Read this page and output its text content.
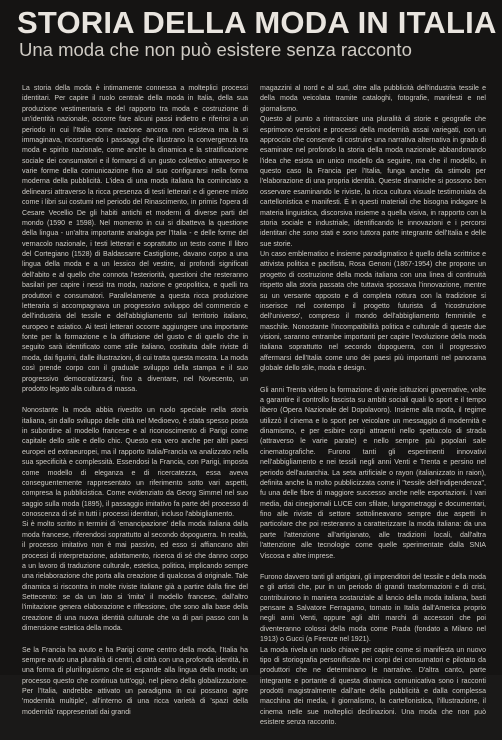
STORIA DELLA MODA IN ITALIA
Una moda che non può esistere senza racconto

La storia della moda è intimamente connessa a molteplici processi identitari. Per capire il ruolo centrale della moda in Italia, della sua produzione vestimentaria e del rapporto tra moda e costruzione di un'identità nazionale, occorre fare alcuni passi indietro e riferirsi a un periodo in cui l'Italia come nazione ancora non esisteva ma la si immaginava, ricostruendo i passaggi che illustrano la convergenza tra moda e spirito nazionale, come anche la dinamica e la stratificazione sociale dei consumatori e il formarsi di un gusto collettivo attraverso le varie forme della comunicazione fino al suo configurarsi nella forma moderna della pubblicità. L'idea di una moda italiana ha cominciato a delinearsi attraverso la ricca presenza di testi letterari e di genere misto come i libri sui costumi nel periodo del Rinascimento, in primis l'opera di Cesare Vecellio De gli habiti antichi et moderni di diverse parti del mondo (1590 e 1598). Nel momento in cui si dibatteva la questione della lingua - un'altra importante analogia per l'Italia - e delle forme del vernacolo nazionale, i testi letterari e soprattutto un testo come Il libro del Cortegiano (1528) di Baldassarre Castiglione, davano corpo a una lingua della moda e a un lessico del vestire, ai profondi significati dell'abito e al quello che connota l'esteriorità, questioni che resteranno basilari per capire i nessi tra moda, nazione e geopolitica, e quelli tra produttori e consumatori. Parallelamente a questa ricca produzione letteraria si accompagnava un progressivo sviluppo del commercio e dell'industria del tessile e dell'abbigliamento sul territorio italiano, europeo e asiatico. Ai testi letterari occorre aggiungere una importante fonte per la formazione e la diffusione del gusto e di quello che in seguito sarà identificato come stile italiano, costituita dalle riviste di moda, dai figurini, dalle illustrazioni, di cui tratta questa mostra. La moda così prende corpo con il graduale sviluppo della stampa e il suo progressivo democratizzarsi, fino a diventare, nel Novecento, un prodotto legato alla cultura di massa.

Nonostante la moda abbia rivestito un ruolo speciale nella storia italiana, sin dallo sviluppo delle città nel Medioevo, è stata spesso posta in subordine al modello francese e al riconoscimento di Parigi come capitale dello stile e dello chic. Questo era vero anche per altri paesi europei ed extraeuropei, ma il rapporto Italia/Francia va analizzato nella sua specificità e complessità. Essendosi la Francia, con Parigi, imposta come modello di eleganza e di ricercatezza, essa aveva conseguentemente rappresentato un riferimento sotto vari aspetti, compresa la pubblicistica. Come evidenziato da Georg Simmel nel suo saggio sulla moda (1895), il passaggio imitativo fa parte del processo di conoscenza di sé in tutti i processi identitari, incluso l'abbigliamento.
Si è molto scritto in termini di 'emancipazione' della moda italiana dalla moda francese, riferendosi soprattutto al secondo dopoguerra. In realtà, il processo imitativo non è mai passivo, ed esso si affiancano altri processi di interpretazione, adattamento, ricerca di sé che danno corpo a un lavoro di traduzione culturale, estetica, politica, implicando sempre una rielaborazione che porta alla creazione di qualcosa di originale. Tale dinamica si riscontra in molte riviste italiane già a partire dalla fine del Settecento: se da un lato si 'imita' il modello francese, dall'altro l'imitazione genera elaborazione e riflessione, che sono alla base della creazione di una nuova identità culturale che va di pari passo con la dimensione estetica della moda.

Se la Francia ha avuto e ha Parigi come centro della moda, l'Italia ha sempre avuto una pluralità di centri, di città con una profonda identità, in una forma di plurilinguismo che si espande alla lingua della moda; un processo questo che continua tutt'oggi, nel pieno della globalizzazione. Per l'Italia, andrebbe attivato un paradigma in cui possano agire 'modernità multiple', all'interno di una ricca varietà di 'spazi della modernità' rappresentati dai grandi

magazzini al nord e al sud, oltre alla pubblicità dell'industria tessile e della moda veicolata tramite cataloghi, fotografie, manifesti e nel giornalismo.
Questo al punto a rintracciare una pluralità di storie e geografie che esprimono versioni e processi della modernità assai variegati, con un approccio che consente di costruire una narrativa alternativa in grado di esaminare nel profondo la storia della moda nazionale abbandonando l'idea che esista un unico modello da seguire, ma che il modello, in questo caso la Francia per l'Italia, funga anche da stimolo per l'elaborazione di una propria identità. Queste dinamiche si possono ben osservare esaminando le riviste, la ricca cultura visuale testimoniata da cartellonistica e manifesti. È in questi materiali che bisogna indagare la materia linguistica, discorsiva insieme a quella visiva, in rapporto con la storia sociale e industriale, identificando le innovazioni e i percorsi identitari che sono stati e sono tuttora parte integrante dell'Italia e delle sue storie.
Un caso emblematico e insieme paradigmatico è quello della scrittrice e attivista politica e pacifista, Rosa Genoni (1867-1954) che propone un progetto di costruzione della moda italiana con una linea di continuità rispetto alla storia passata che tuttavia spossava l'innovazione, mentre su un versante opposto e di completa rottura con la tradizione si inserisce nel contempo il progetto futurista di 'ricostruzione dell'universo', compreso il mondo dell'abbigliamento femminile e maschile. Nonostante l'incompatibilità politica e culturale di queste due visioni, saranno entrambe importanti per capire l'evoluzione della moda italiana soprattutto nel secondo dopoguerra, con il progressivo affermarsi dell'Italia come uno dei paesi più importanti nel panorama globale dello stile, moda e design.

Gli anni Trenta videro la formazione di varie istituzioni governative, volte a garantire il controllo fascista su ambiti sociali quali lo sport e il tempo libero (Opera Nazionale del Dopolavoro). Insieme alla moda, il regime utilizzò il cinema e lo sport per veicolare un messaggio di modernità e dinamismo, e per esibire corpi attraenti nello spettacolo di strada (attraverso le varie parate) e nello sempre più popolari sale cinematografiche. Furono tanti gli esperimenti innovativi nell'abbigliamento e nei tessili negli anni Venti e Trenta e persino nel periodo dell'autarchia. La seta artificiale o rayon (italianizzato in raion), definita anche la molto pubblicizzata come il "tessile dell'indipendenza", fu una delle fibre di maggiore successo anche nelle esportazioni. I vari media, dai cinegiornali LUCE con sfilate, lungometraggi e documentari, fino alle riviste di settore sottolineavano sempre due aspetti in particolare che poi resteranno a caratterizzare la moda italiana: da una parte l'attenzione all'artigianato, alle tradizioni locali, dall'altra l'attenzione alle tecnologie come quelle sperimentate dalla SNIA Viscosa e altre imprese.

Furono davvero tanti gli artigiani, gli imprenditori del tessile e della moda e gli artisti che, pur in un periodo di grandi trasformazioni e di crisi, contribuirono in maniera sostanziale al lancio della moda italiana, basti pensare a Salvatore Ferragamo, tornato in Italia dall'America proprio negli anni Venti, oppure agli altri marchi di accessori che poi diventeranno colossi della moda come Prada (fondato a Milano nel 1913) o Gucci (a Firenze nel 1921).
La moda rivela un ruolo chiave per capire come si manifesta un nuovo tipo di storiografia personificata nei corpi dei consumatori e pilotato da produttori che ne determinano le narrative. D'altra canto, parte integrante e portante di questa dinamica comunicativa sono i racconti prodotti magistralmente dall'arte della pubblicità e dalla complessa macchina dei media, il giornalismo, la cartellonistica, l'illustrazione, il cinema nelle sue molteplici declinazioni. Una moda che non può esistere senza racconto.
